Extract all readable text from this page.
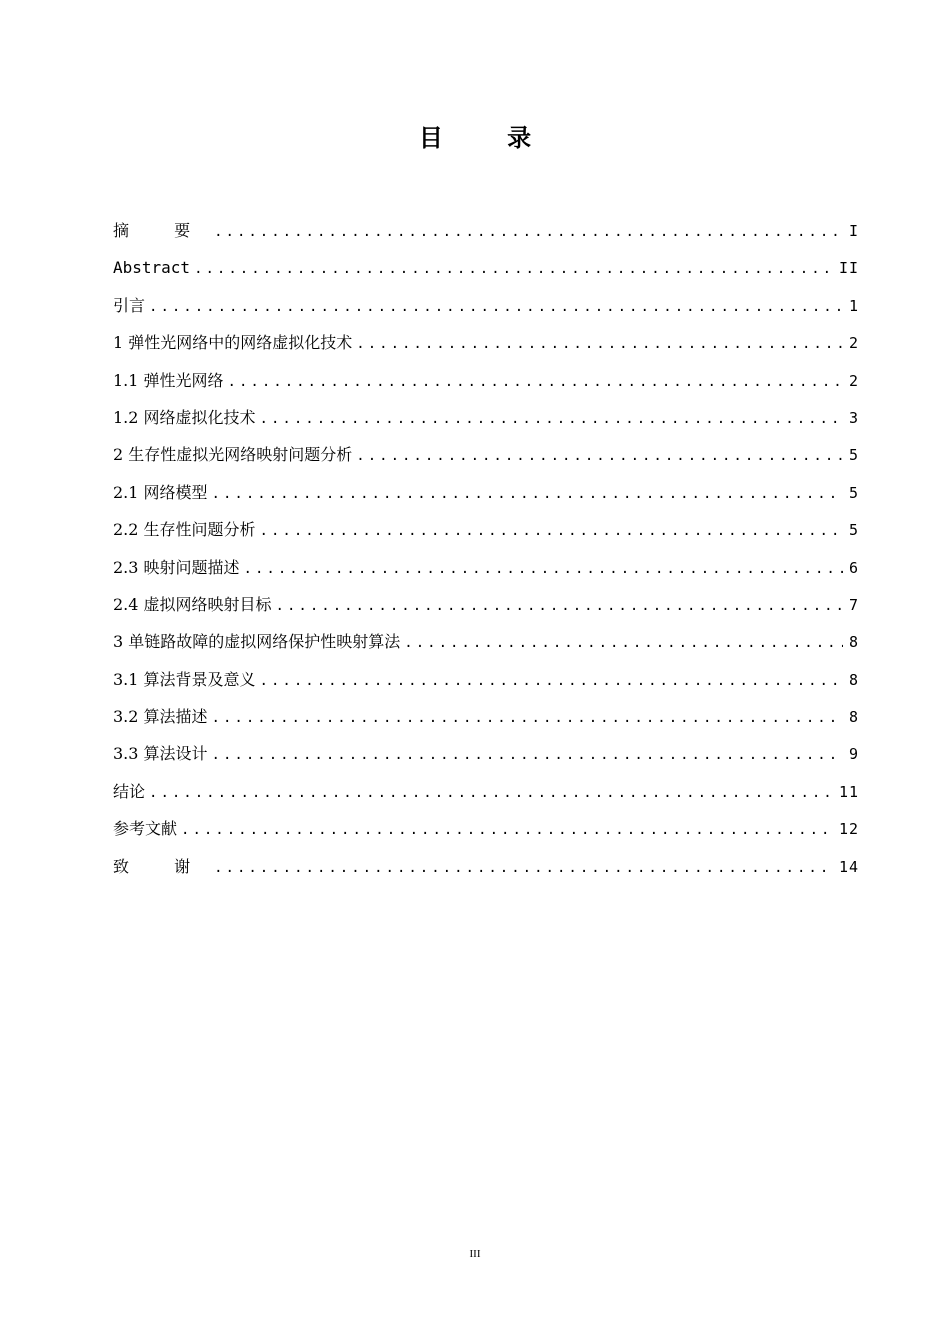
目 录
摘 要 .....	I
Abstract .....	II
引言 .....	1
1 弹性光网络中的网络虚拟化技术 .....	2
1.1 弹性光网络 .....	2
1.2 网络虚拟化技术 .....	3
2 生存性虚拟光网络映射问题分析 .....	5
2.1 网络模型 .....	5
2.2 生存性问题分析 .....	5
2.3 映射问题描述 .....	6
2.4 虚拟网络映射目标 .....	7
3 单链路故障的虚拟网络保护性映射算法 .....	8
3.1 算法背景及意义 .....	8
3.2 算法描述 .....	8
3.3 算法设计 .....	9
结论 .....	11
参考文献 .....	12
致 谢 .....	14
III
